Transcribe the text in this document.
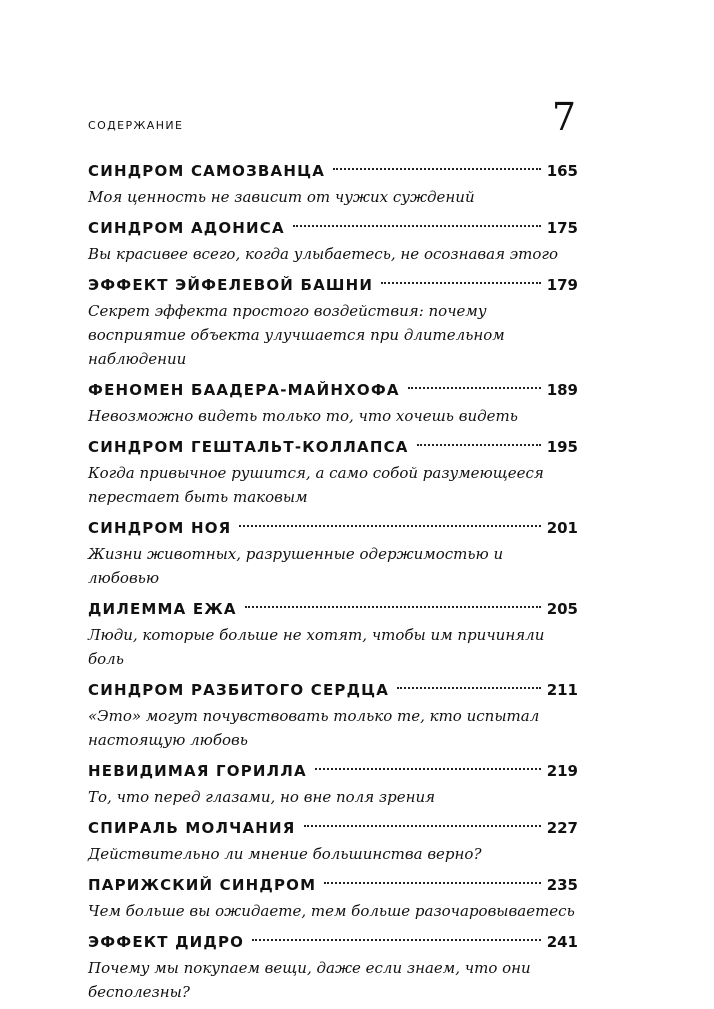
СОДЕРЖАНИЕ	7
СИНДРОМ САМОЗВАНЦА	165
Моя ценность не зависит от чужих суждений
СИНДРОМ АДОНИСА	175
Вы красивее всего, когда улыбаетесь, не осознавая этого
ЭФФЕКТ ЭЙФЕЛЕВОЙ БАШНИ	179
Секрет эффекта простого воздействия: почему восприятие объекта улучшается при длительном наблюдении
ФЕНОМЕН БААДЕРА-МАЙНХОФА	189
Невозможно видеть только то, что хочешь видеть
СИНДРОМ ГЕШТАЛЬТ-КОЛЛАПСА	195
Когда привычное рушится, а само собой разумеющееся перестает быть таковым
СИНДРОМ НОЯ	201
Жизни животных, разрушенные одержимостью и любовью
ДИЛЕММА ЕЖА	205
Люди, которые больше не хотят, чтобы им причиняли боль
СИНДРОМ РАЗБИТОГО СЕРДЦА	211
«Это» могут почувствовать только те, кто испытал настоящую любовь
НЕВИДИМАЯ ГОРИЛЛА	219
То, что перед глазами, но вне поля зрения
СПИРАЛЬ МОЛЧАНИЯ	227
Действительно ли мнение большинства верно?
ПАРИЖСКИЙ СИНДРОМ	235
Чем больше вы ожидаете, тем больше разочаровываетесь
ЭФФЕКТ ДИДРО	241
Почему мы покупаем вещи, даже если знаем, что они бесполезны?
